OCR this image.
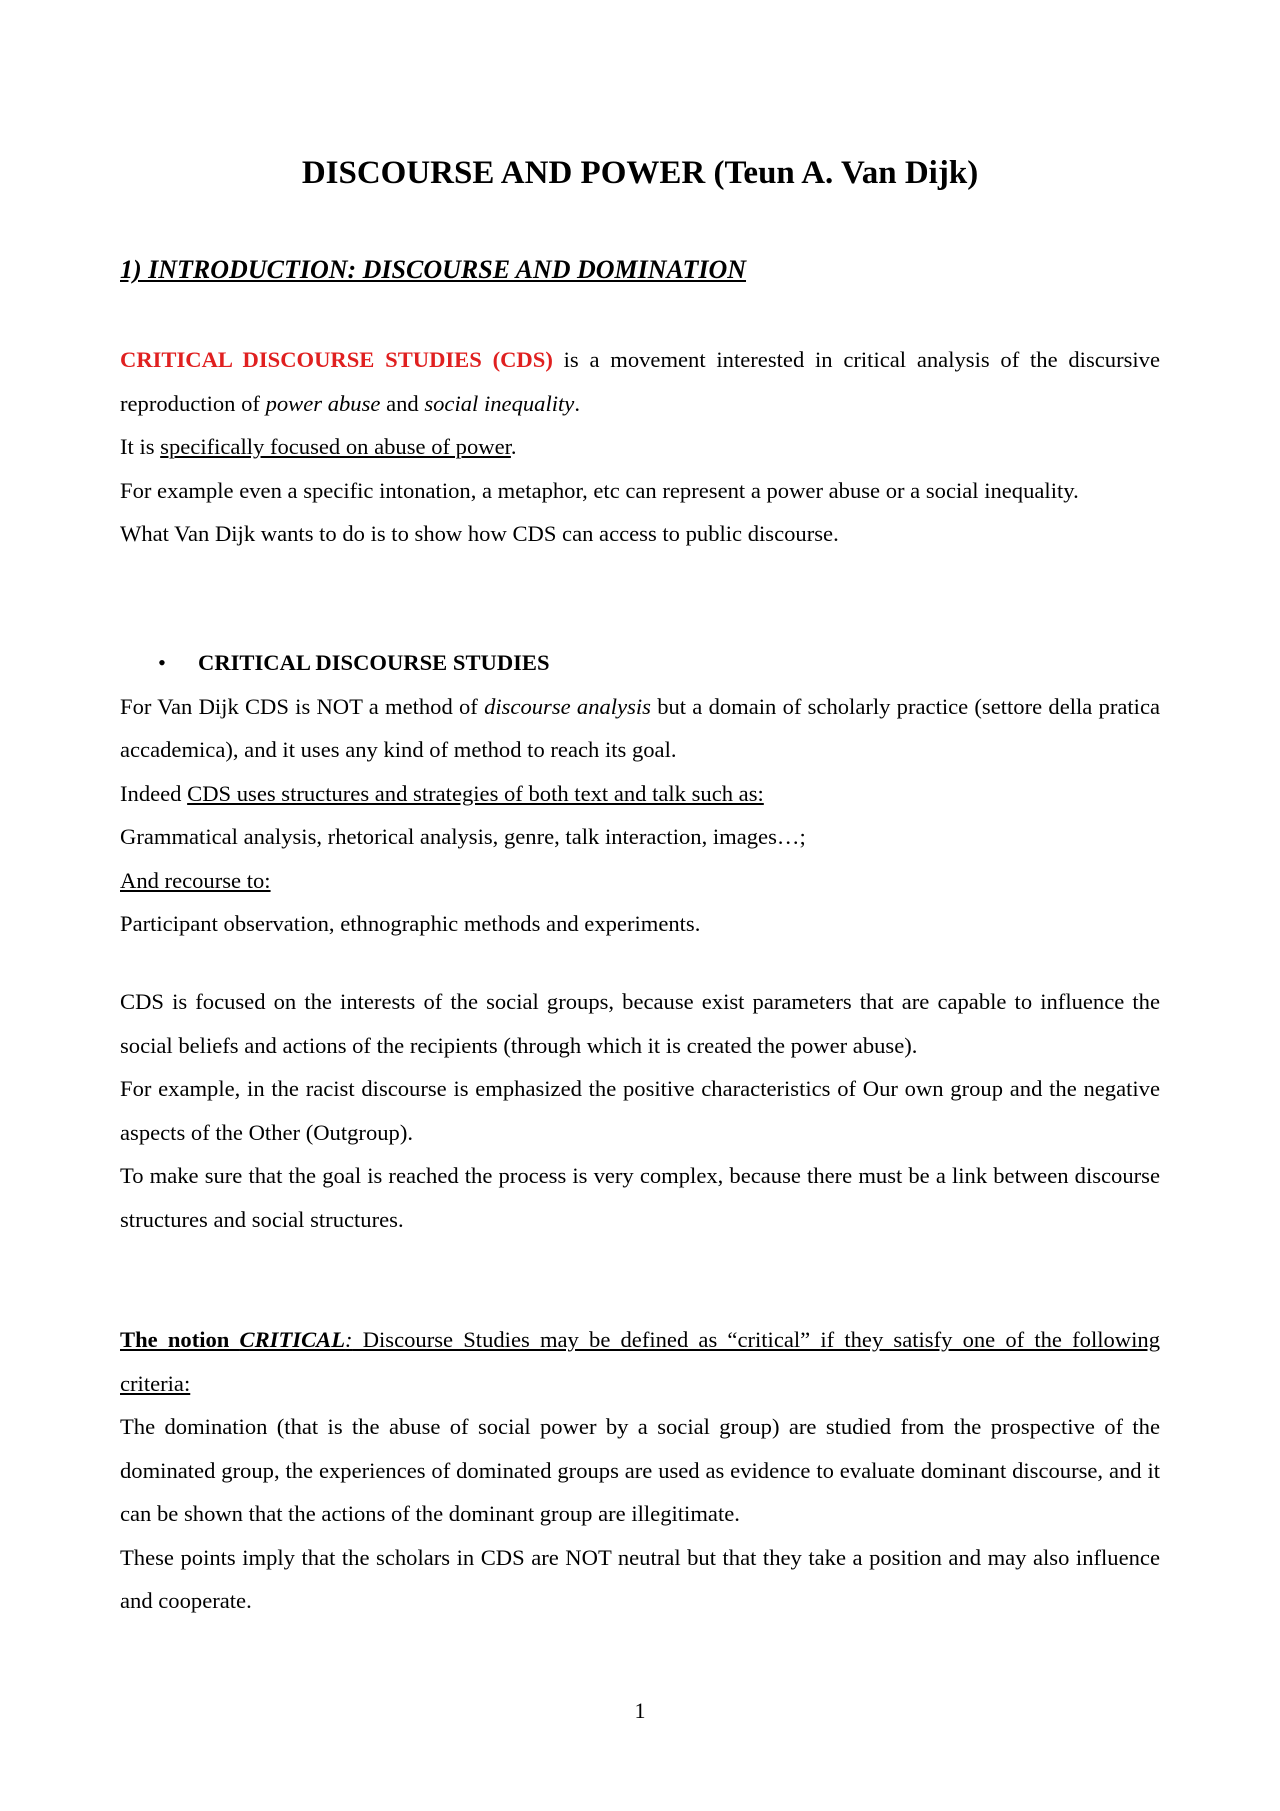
DISCOURSE AND POWER (Teun A. Van Dijk)
1) INTRODUCTION: DISCOURSE AND DOMINATION

CRITICAL DISCOURSE STUDIES (CDS) is a movement interested in critical analysis of the discursive reproduction of power abuse and social inequality.

It is specifically focused on abuse of power.

For example even a specific intonation, a metaphor, etc can represent a power abuse or a social inequality.

What Van Dijk wants to do is to show how CDS can access to public discourse.

• CRITICAL DISCOURSE STUDIES

For Van Dijk CDS is NOT a method of discourse analysis but a domain of scholarly practice (settore della pratica accademica), and it uses any kind of method to reach its goal.

Indeed CDS uses structures and strategies of both text and talk such as:

Grammatical analysis, rhetorical analysis, genre, talk interaction, images…;

And recourse to:

Participant observation, ethnographic methods and experiments.

CDS is focused on the interests of the social groups, because exist parameters that are capable to influence the social beliefs and actions of the recipients (through which it is created the power abuse).

For example, in the racist discourse is emphasized the positive characteristics of Our own group and the negative aspects of the Other (Outgroup).

To make sure that the goal is reached the process is very complex, because there must be a link between discourse structures and social structures.

The notion CRITICAL: Discourse Studies may be defined as “critical” if they satisfy one of the following criteria:

The domination (that is the abuse of social power by a social group) are studied from the prospective of the dominated group, the experiences of dominated groups are used as evidence to evaluate dominant discourse, and it can be shown that the actions of the dominant group are illegitimate.

These points imply that the scholars in CDS are NOT neutral but that they take a position and may also influence and cooperate.

1
